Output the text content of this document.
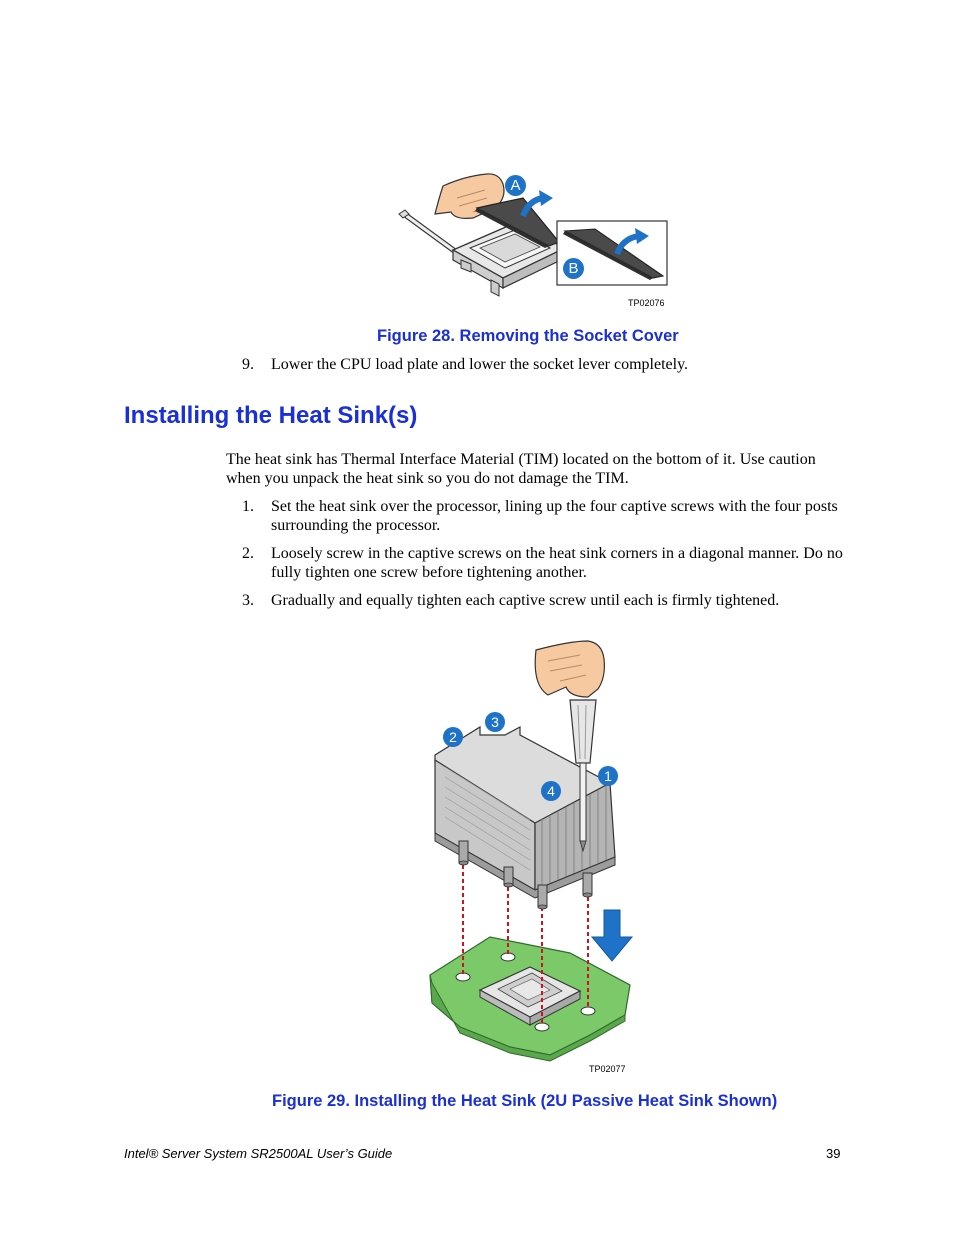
A
B
TP02076
Figure 28. Removing the Socket Cover
9. Lower the CPU load plate and lower the socket lever completely.
Installing the Heat Sink(s)
The heat sink has Thermal Interface Material (TIM) located on the bottom of it. Use caution when you unpack the heat sink so you do not damage the TIM.
1. Set the heat sink over the processor, lining up the four captive screws with the four posts surrounding the processor.
2. Loosely screw in the captive screws on the heat sink corners in a diagonal manner. Do no fully tighten one screw before tightening another.
3. Gradually and equally tighten each captive screw until each is firmly tightened.
1
2
3
4
TP02077
Figure 29. Installing the Heat Sink (2U Passive Heat Sink Shown)
Intel® Server System SR2500AL User’s Guide	39
